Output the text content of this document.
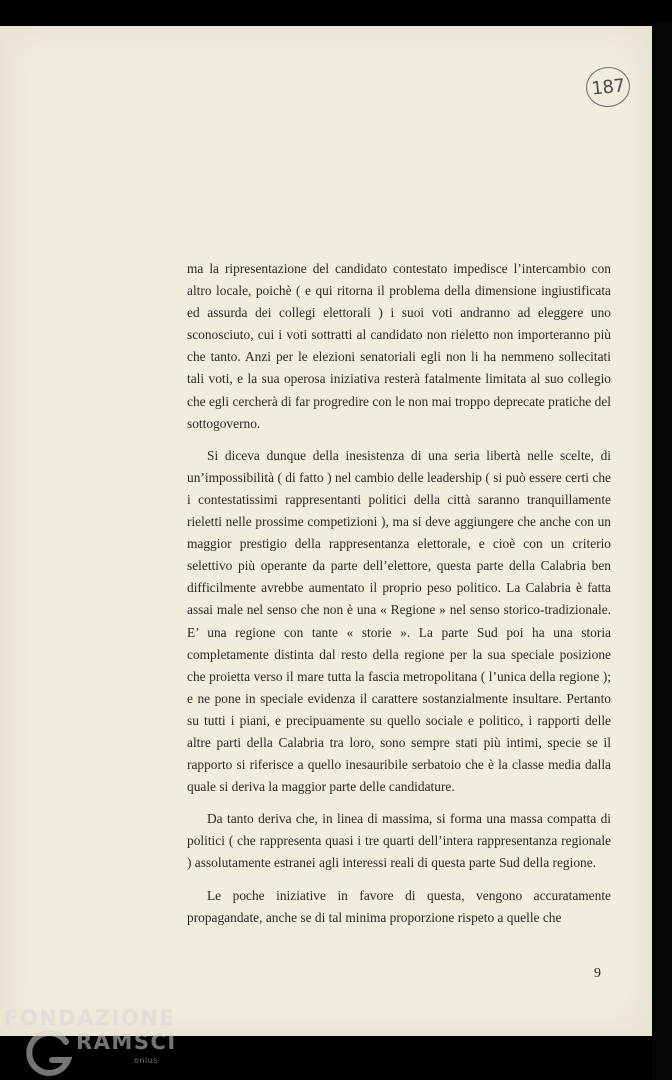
187

ma la ripresentazione del candidato contestato impedisce l’intercambio con altro locale, poichè ( e qui ritorna il problema della dimensione ingiustificata ed assurda dei collegi elettorali ) i suoi voti andranno ad eleggere uno sconosciuto, cui i voti sottratti al candidato non rieletto non importeranno più che tanto. Anzi per le elezioni senatoriali egli non li ha nemmeno sollecitati tali voti, e la sua operosa iniziativa resterà fatalmente limitata al suo collegio che egli cercherà di far progredire con le non mai troppo deprecate pratiche del sottogoverno.

Si diceva dunque della inesistenza di una seria libertà nelle scelte, di un’impossibilità ( di fatto ) nel cambio delle leadership ( si può essere certi che i contestatissimi rappresentanti politici della città saranno tranquillamente rieletti nelle prossime competizioni ), ma si deve aggiungere che anche con un maggior prestigio della rappresentanza elettorale, e cioè con un criterio selettivo più operante da parte dell’elettore, questa parte della Calabria ben difficilmente avrebbe aumentato il proprio peso politico. La Calabria è fatta assai male nel senso che non è una « Regione » nel senso storico-tradizionale. E’ una regione con tante « storie ». La parte Sud poi ha una storia completamente distinta dal resto della regione per la sua speciale posizione che proietta verso il mare tutta la fascia metropolitana ( l’unica della regione ); e ne pone in speciale evidenza il carattere sostanzialmente insultare. Pertanto su tutti i piani, e precipuamente su quello sociale e politico, i rapporti delle altre parti della Calabria tra loro, sono sempre stati più intimi, specie se il rapporto si riferisce a quello inesauribile serbatoio che è la classe media dalla quale si deriva la maggior parte delle candidature.

Da tanto deriva che, in linea di massima, si forma una massa compatta di politici ( che rappresenta quasi i tre quarti dell’intera rappresentanza regionale ) assolutamente estranei agli interessi reali di questa parte Sud della regione.

Le poche iniziative in favore di questa, vengono accuratamente propagandate, anche se di tal minima proporzione rispeto a quelle che

9
FONDAZIONE
RAMSCI
onlus
